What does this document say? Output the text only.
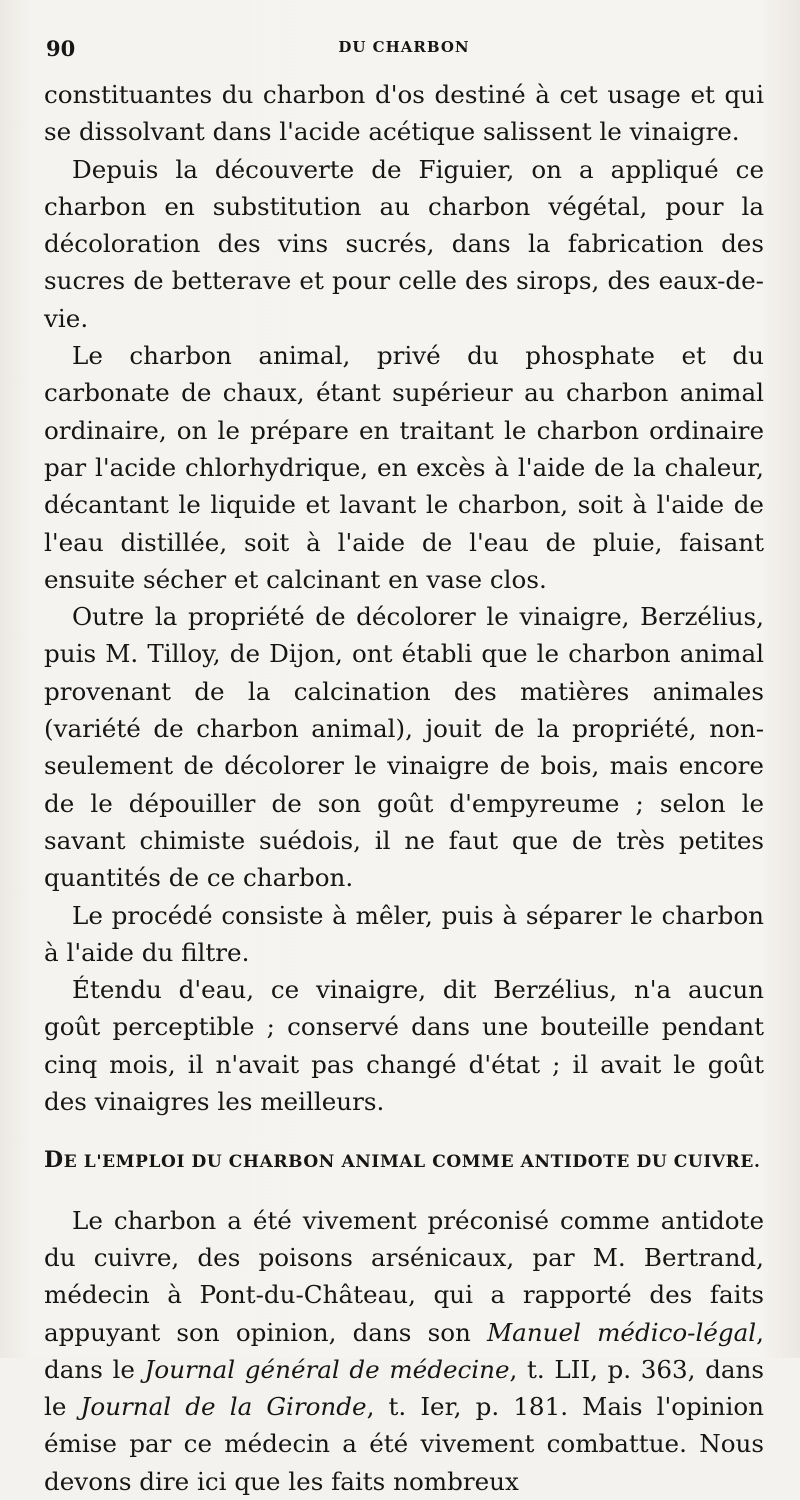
90	DU CHARBON

constituantes du charbon d'os destiné à cet usage et qui se dissolvant dans l'acide acétique salissent le vinaigre.

Depuis la découverte de Figuier, on a appliqué ce charbon en substitution au charbon végétal, pour la décoloration des vins sucrés, dans la fabrication des sucres de betterave et pour celle des sirops, des eaux-de-vie.

Le charbon animal, privé du phosphate et du carbonate de chaux, étant supérieur au charbon animal ordinaire, on le prépare en traitant le charbon ordinaire par l'acide chlorhydrique, en excès à l'aide de la chaleur, décantant le liquide et lavant le charbon, soit à l'aide de l'eau distillée, soit à l'aide de l'eau de pluie, faisant ensuite sécher et calcinant en vase clos.

Outre la propriété de décolorer le vinaigre, Berzélius, puis M. Tilloy, de Dijon, ont établi que le charbon animal provenant de la calcination des matières animales (variété de charbon animal), jouit de la propriété, non-seulement de décolorer le vinaigre de bois, mais encore de le dépouiller de son goût d'empyreume ; selon le savant chimiste suédois, il ne faut que de très petites quantités de ce charbon.

Le procédé consiste à mêler, puis à séparer le charbon à l'aide du filtre.

Étendu d'eau, ce vinaigre, dit Berzélius, n'a aucun goût perceptible ; conservé dans une bouteille pendant cinq mois, il n'avait pas changé d'état ; il avait le goût des vinaigres les meilleurs.

DE L'EMPLOI DU CHARBON ANIMAL COMME ANTIDOTE DU CUIVRE.

Le charbon a été vivement préconisé comme antidote du cuivre, des poisons arsénicaux, par M. Bertrand, médecin à Pont-du-Château, qui a rapporté des faits appuyant son opinion, dans son Manuel médico-légal, dans le Journal général de médecine, t. LII, p. 363, dans le Journal de la Gironde, t. Ier, p. 181. Mais l'opinion émise par ce médecin a été vivement combattue. Nous devons dire ici que les faits nombreux
